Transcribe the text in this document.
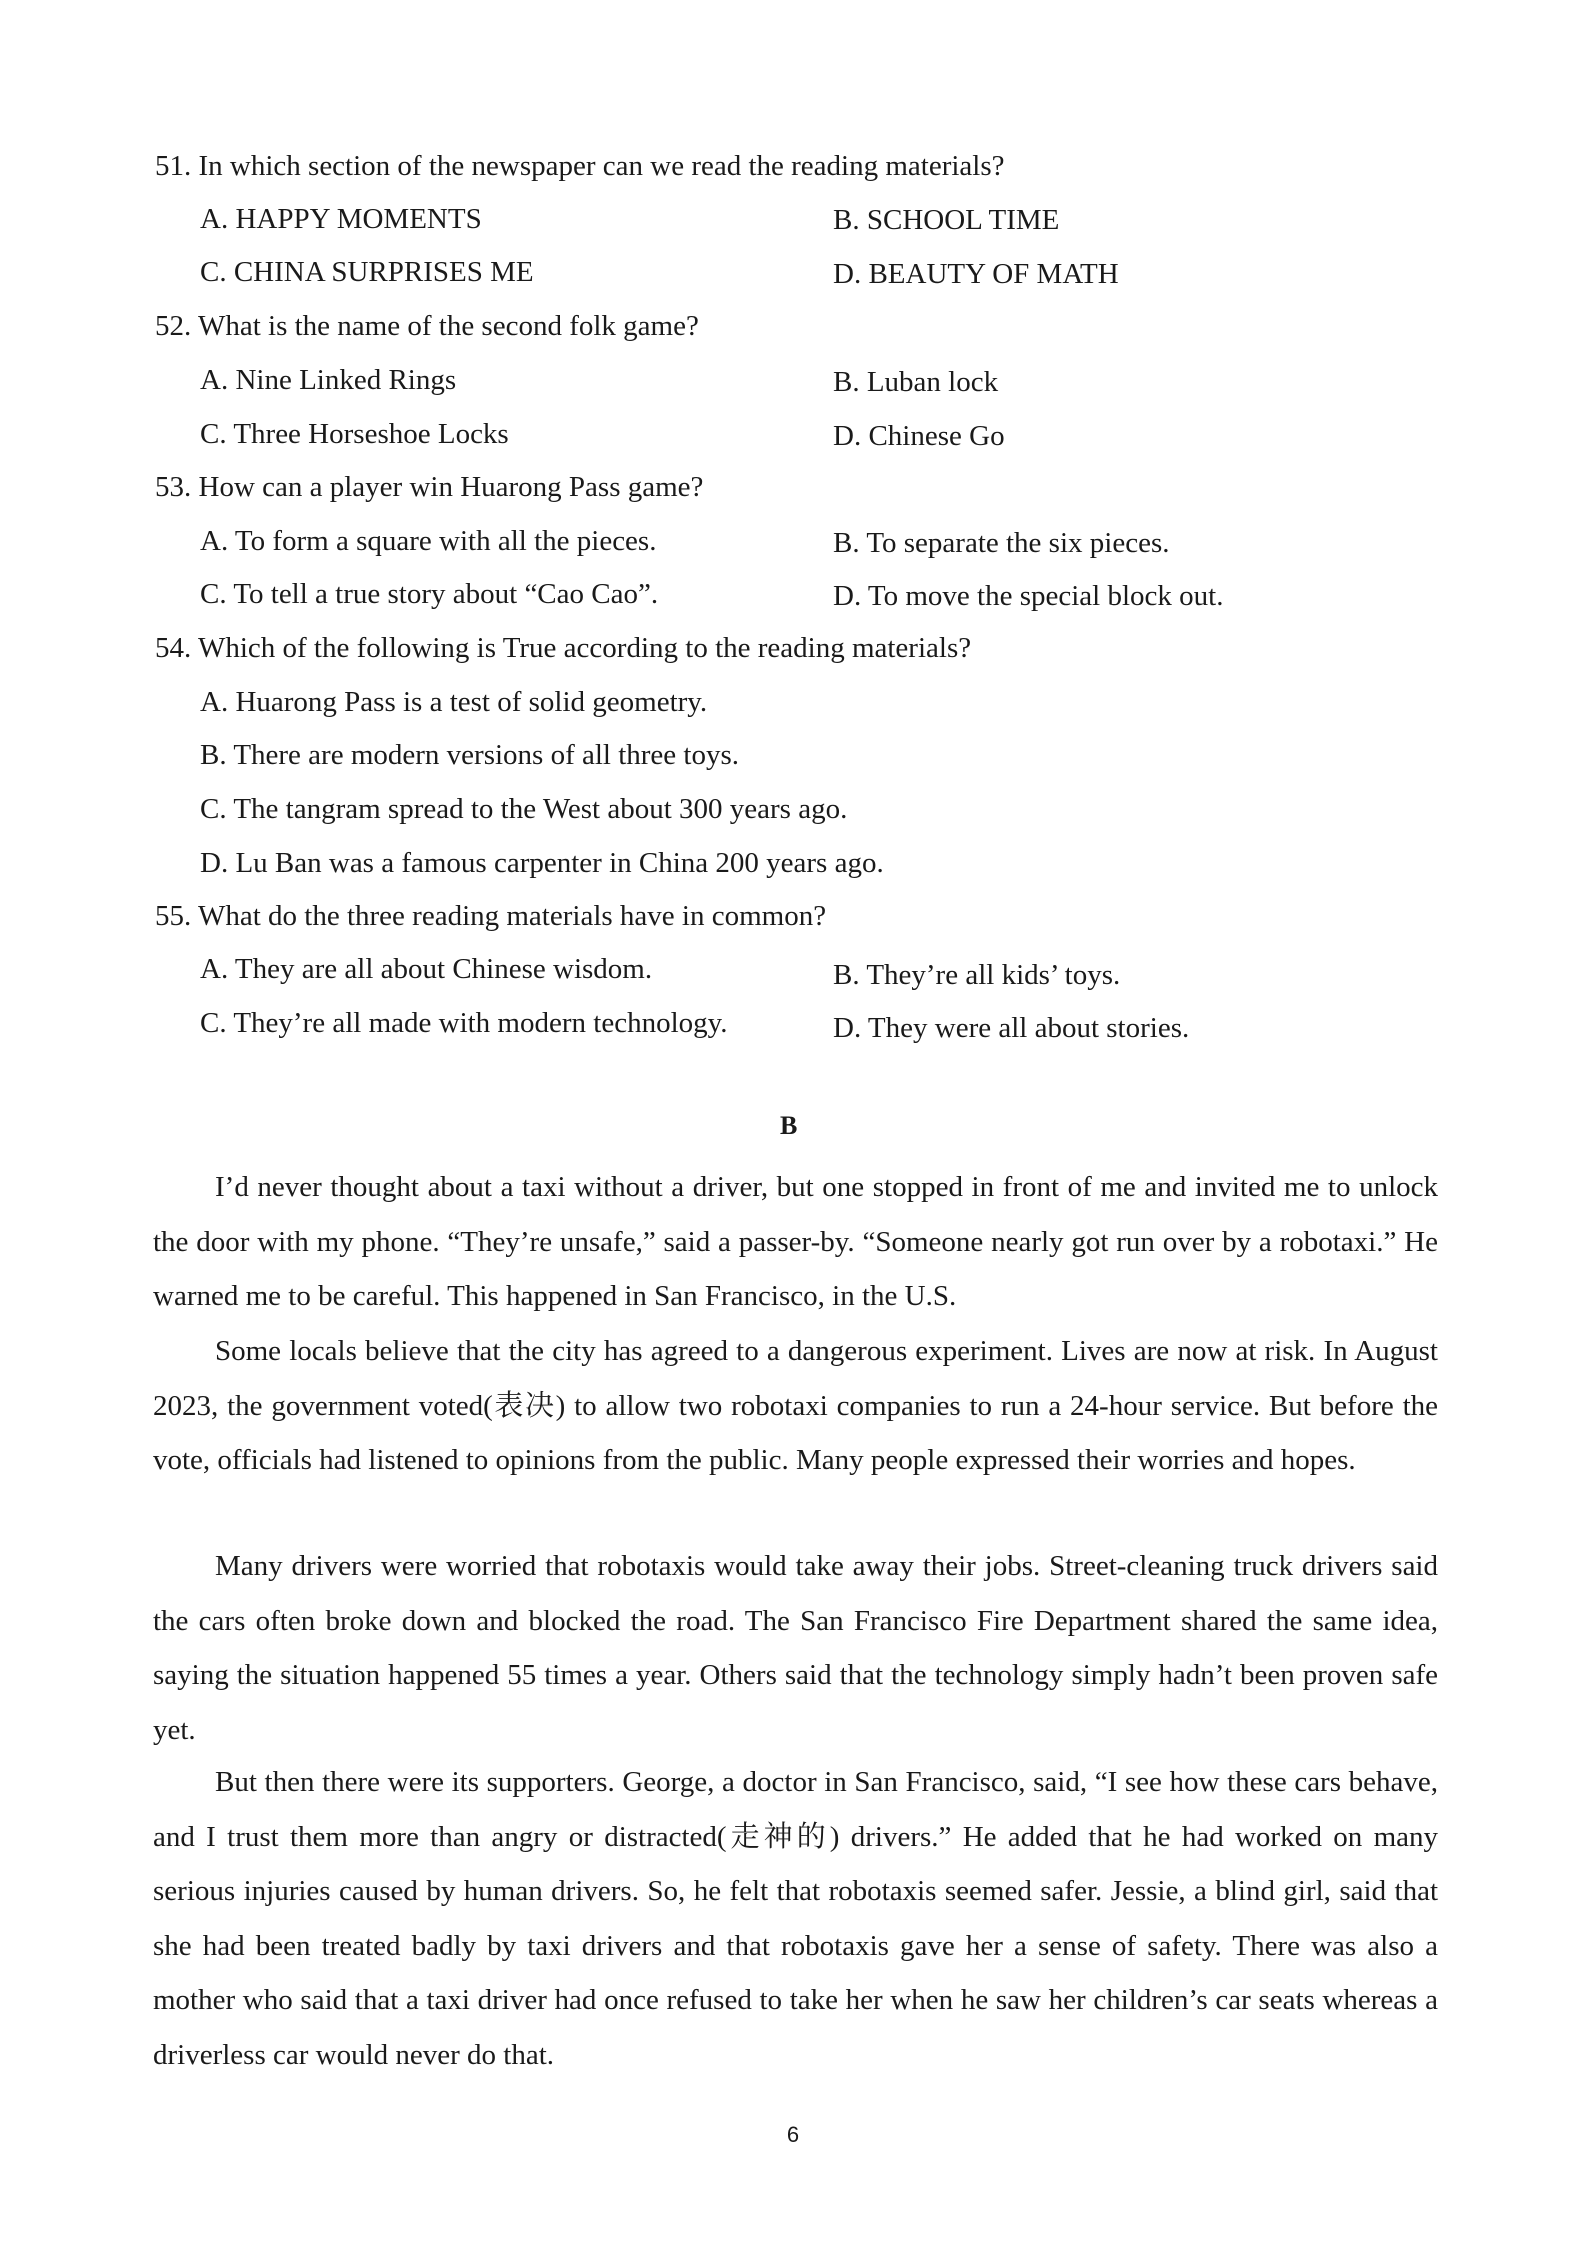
51. In which section of the newspaper can we read the reading materials?
A. HAPPY MOMENTS	B. SCHOOL TIME
C. CHINA SURPRISES ME	D. BEAUTY OF MATH
52. What is the name of the second folk game?
A. Nine Linked Rings	B. Luban lock
C. Three Horseshoe Locks	D. Chinese Go
53. How can a player win Huarong Pass game?
A. To form a square with all the pieces.	B. To separate the six pieces.
C. To tell a true story about “Cao Cao”.	D. To move the special block out.
54. Which of the following is True according to the reading materials?
A. Huarong Pass is a test of solid geometry.
B. There are modern versions of all three toys.
C. The tangram spread to the West about 300 years ago.
D. Lu Ban was a famous carpenter in China 200 years ago.
55. What do the three reading materials have in common?
A. They are all about Chinese wisdom.	B. They’re all kids’ toys.
C. They’re all made with modern technology.	D. They were all about stories.
B

I’d never thought about a taxi without a driver, but one stopped in front of me and invited me to unlock the door with my phone. “They’re unsafe,” said a passer-by. “Someone nearly got run over by a robotaxi.” He warned me to be careful. This happened in San Francisco, in the U.S.

Some locals believe that the city has agreed to a dangerous experiment. Lives are now at risk. In August 2023, the government voted(表决) to allow two robotaxi companies to run a 24-hour service. But before the vote, officials had listened to opinions from the public. Many people expressed their worries and hopes.

Many drivers were worried that robotaxis would take away their jobs. Street-cleaning truck drivers said the cars often broke down and blocked the road. The San Francisco Fire Department shared the same idea, saying the situation happened 55 times a year. Others said that the technology simply hadn’t been proven safe yet.

But then there were its supporters. George, a doctor in San Francisco, said, “I see how these cars behave, and I trust them more than angry or distracted(走神的) drivers.” He added that he had worked on many serious injuries caused by human drivers. So, he felt that robotaxis seemed safer. Jessie, a blind girl, said that she had been treated badly by taxi drivers and that robotaxis gave her a sense of safety. There was also a mother who said that a taxi driver had once refused to take her when he saw her children’s car seats whereas a driverless car would never do that.

6
